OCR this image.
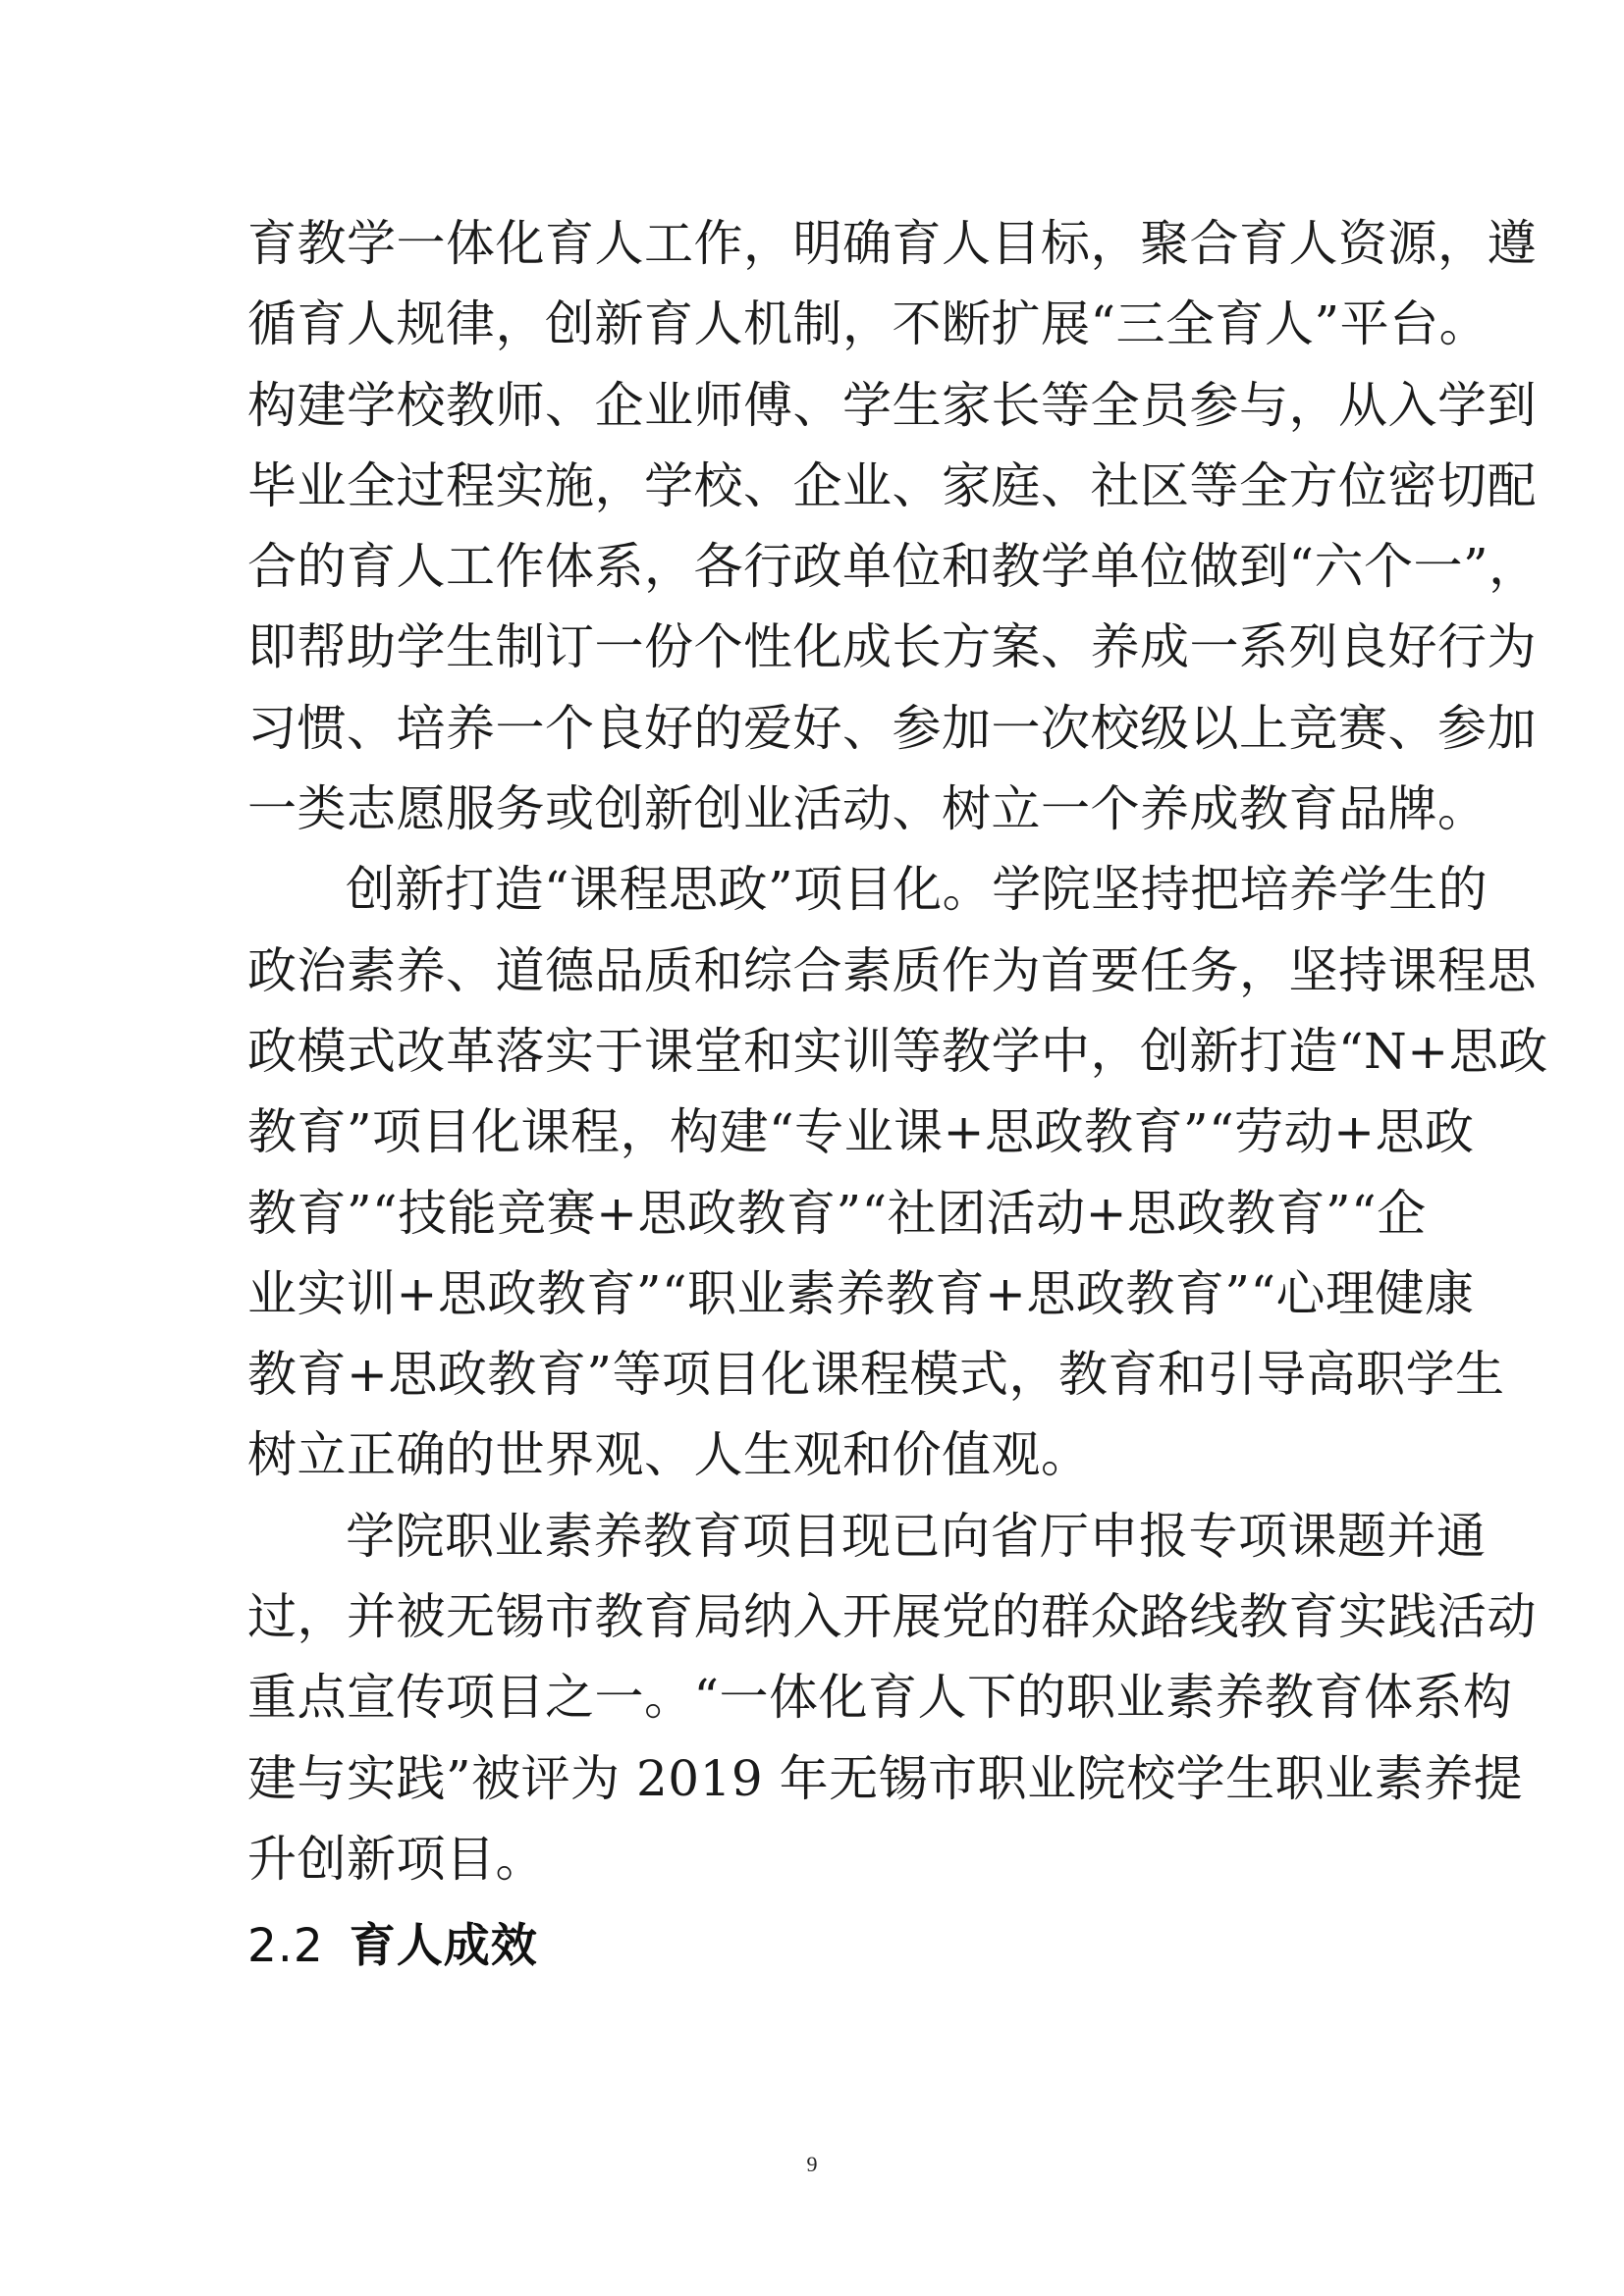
育教学一体化育人工作，明确育人目标，聚合育人资源，遵
循育人规律，创新育人机制，不断扩展“三全育人”平台。
构建学校教师、企业师傅、学生家长等全员参与，从入学到
毕业全过程实施，学校、企业、家庭、社区等全方位密切配
合的育人工作体系，各行政单位和教学单位做到“六个一”，
即帮助学生制订一份个性化成长方案、养成一系列良好行为
习惯、培养一个良好的爱好、参加一次校级以上竞赛、参加
一类志愿服务或创新创业活动、树立一个养成教育品牌。
创新打造“课程思政”项目化。学院坚持把培养学生的
政治素养、道德品质和综合素质作为首要任务，坚持课程思
政模式改革落实于课堂和实训等教学中，创新打造“N+思政
教育”项目化课程，构建“专业课+思政教育”“劳动+思政
教育”“技能竞赛+思政教育”“社团活动+思政教育”“企
业实训+思政教育”“职业素养教育+思政教育”“心理健康
教育+思政教育”等项目化课程模式，教育和引导高职学生
树立正确的世界观、人生观和价值观。
学院职业素养教育项目现已向省厅申报专项课题并通
过，并被无锡市教育局纳入开展党的群众路线教育实践活动
重点宣传项目之一。“一体化育人下的职业素养教育体系构
建与实践”被评为 2019 年无锡市职业院校学生职业素养提
升创新项目。
2.2 育人成效
9
